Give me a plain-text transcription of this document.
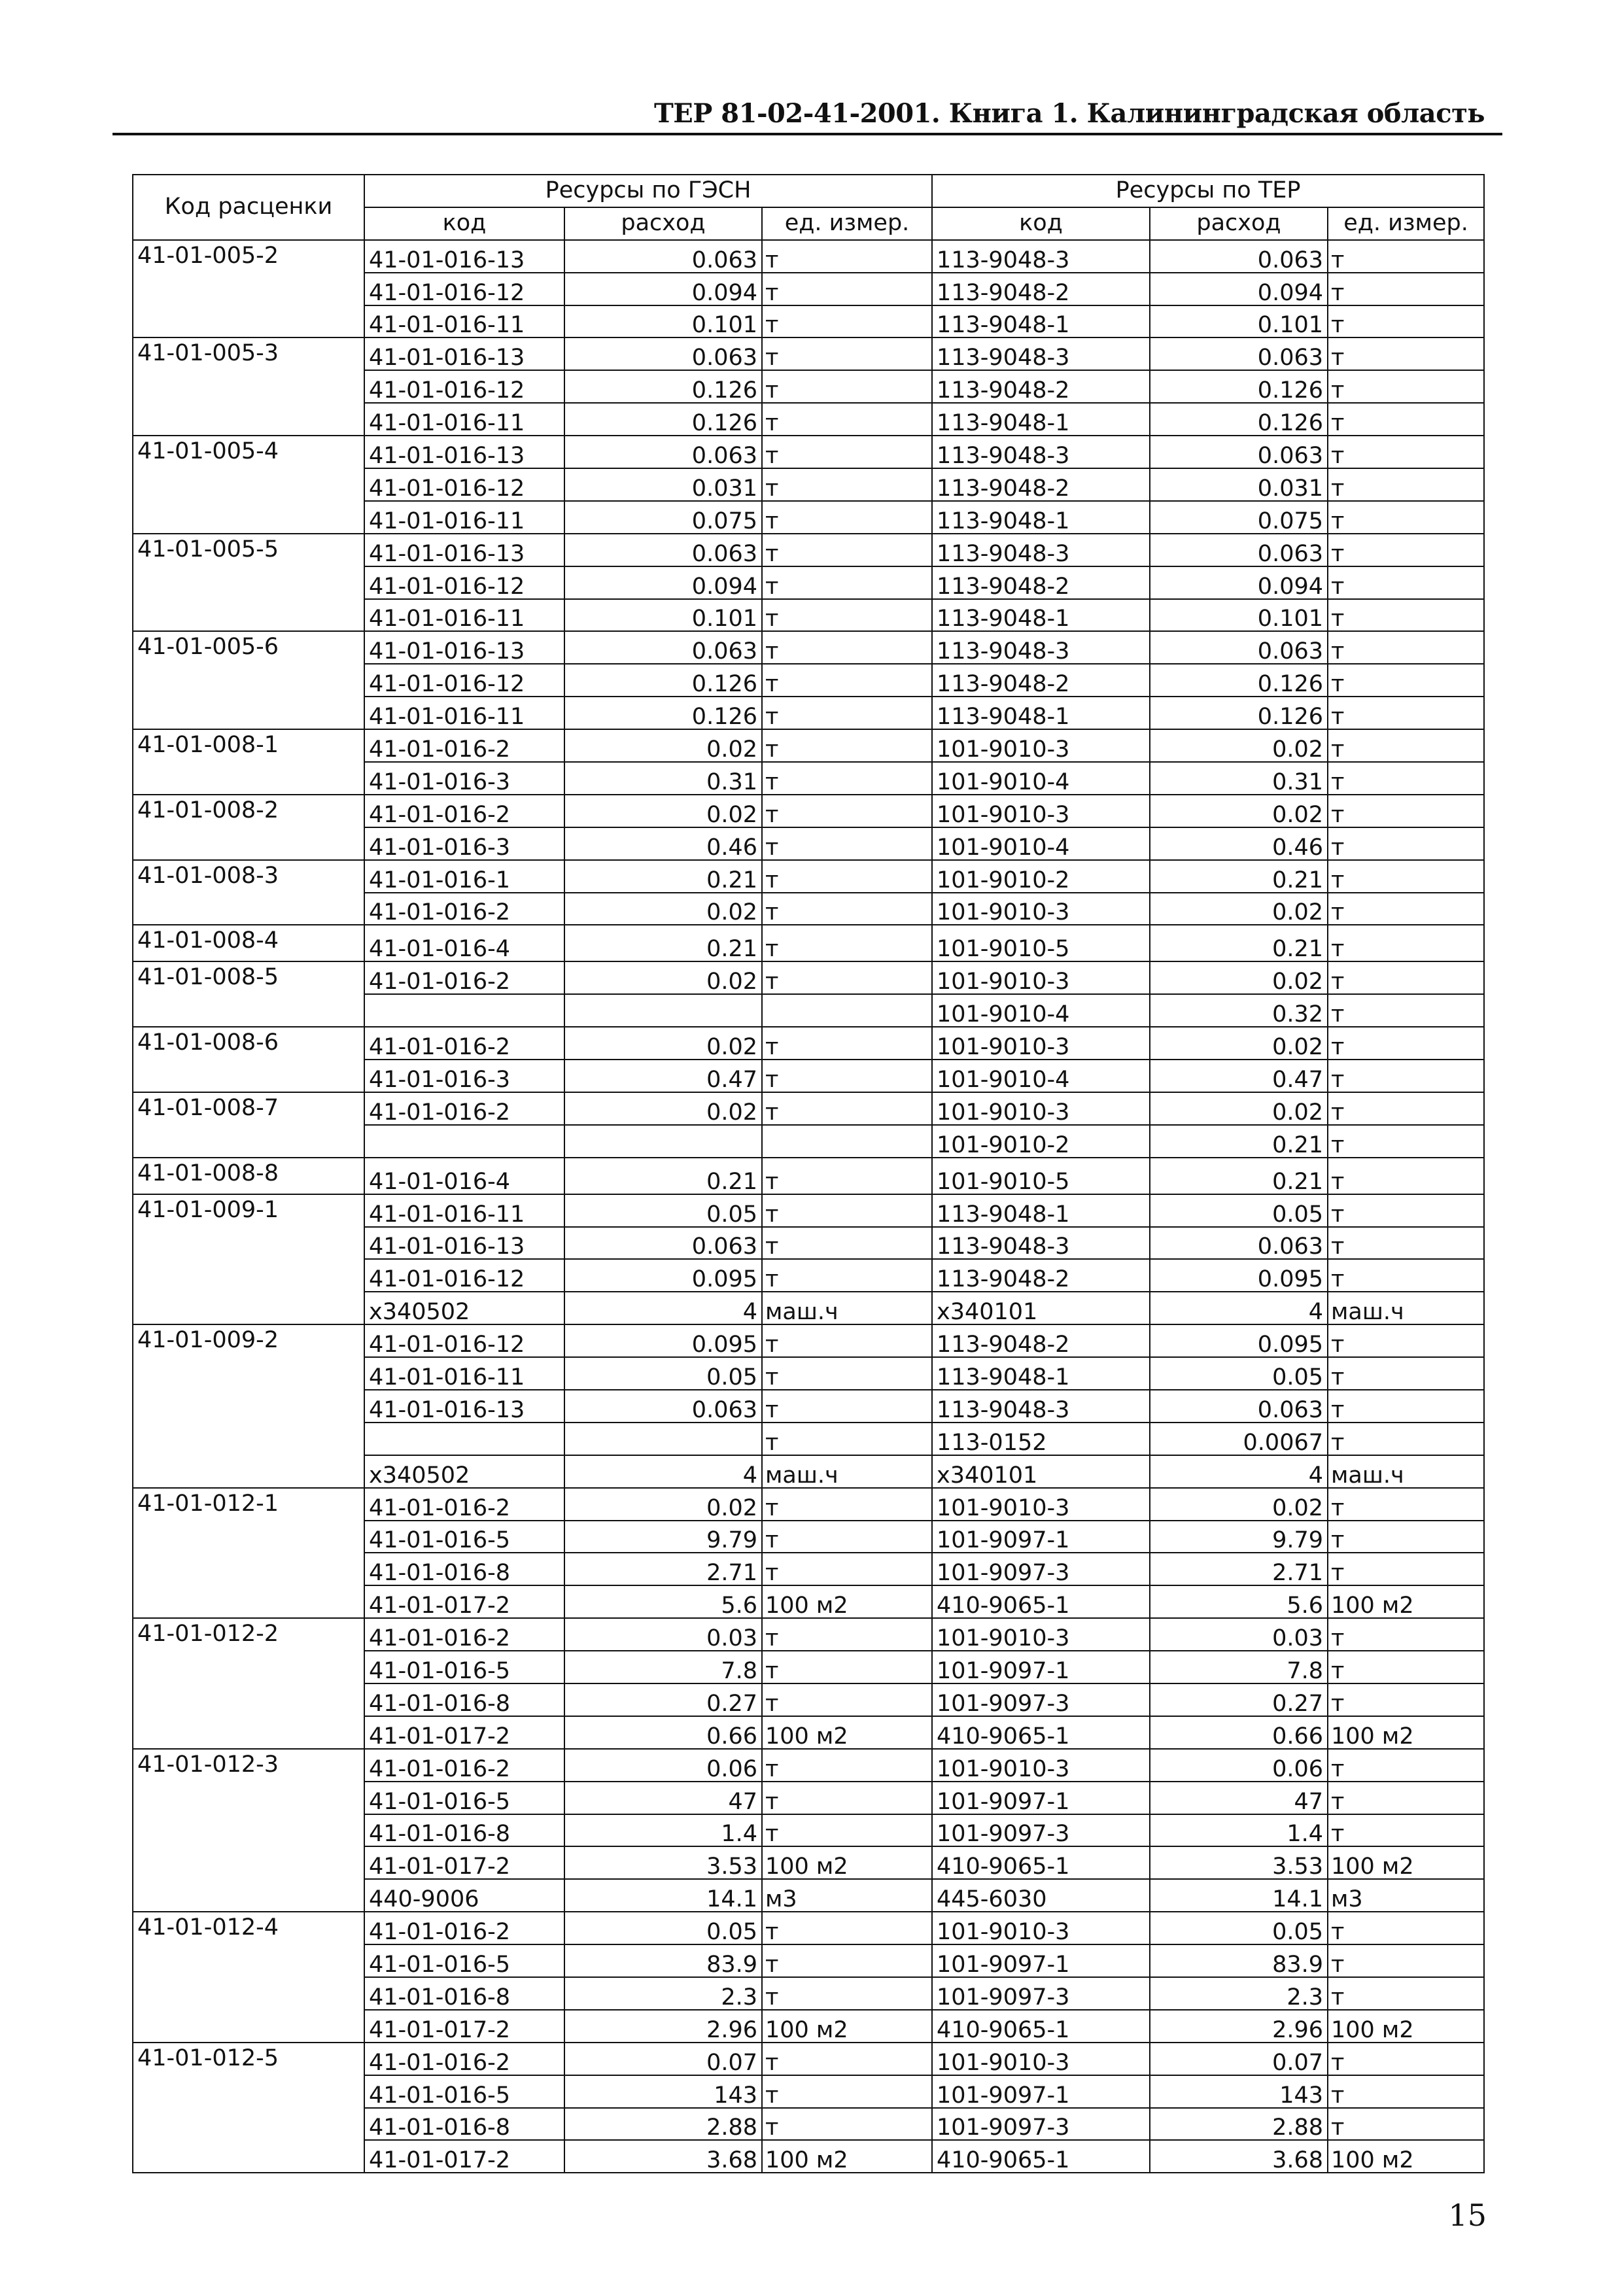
ТЕР 81-02-41-2001. Книга 1. Калининградская область
Код расценки	Ресурсы по ГЭСН			Ресурсы по ТЕР		
	код	расход	ед. измер.	код	расход	ед. измер.
41-01-005-2	41-01-016-13	0.063	т	113-9048-3	0.063	т
	41-01-016-12	0.094	т	113-9048-2	0.094	т
	41-01-016-11	0.101	т	113-9048-1	0.101	т
41-01-005-3	41-01-016-13	0.063	т	113-9048-3	0.063	т
	41-01-016-12	0.126	т	113-9048-2	0.126	т
	41-01-016-11	0.126	т	113-9048-1	0.126	т
41-01-005-4	41-01-016-13	0.063	т	113-9048-3	0.063	т
	41-01-016-12	0.031	т	113-9048-2	0.031	т
	41-01-016-11	0.075	т	113-9048-1	0.075	т
41-01-005-5	41-01-016-13	0.063	т	113-9048-3	0.063	т
	41-01-016-12	0.094	т	113-9048-2	0.094	т
	41-01-016-11	0.101	т	113-9048-1	0.101	т
41-01-005-6	41-01-016-13	0.063	т	113-9048-3	0.063	т
	41-01-016-12	0.126	т	113-9048-2	0.126	т
	41-01-016-11	0.126	т	113-9048-1	0.126	т
41-01-008-1	41-01-016-2	0.02	т	101-9010-3	0.02	т
	41-01-016-3	0.31	т	101-9010-4	0.31	т
41-01-008-2	41-01-016-2	0.02	т	101-9010-3	0.02	т
	41-01-016-3	0.46	т	101-9010-4	0.46	т
41-01-008-3	41-01-016-1	0.21	т	101-9010-2	0.21	т
	41-01-016-2	0.02	т	101-9010-3	0.02	т
41-01-008-4	41-01-016-4	0.21	т	101-9010-5	0.21	т
41-01-008-5	41-01-016-2	0.02	т	101-9010-3	0.02	т
				101-9010-4	0.32	т
41-01-008-6	41-01-016-2	0.02	т	101-9010-3	0.02	т
	41-01-016-3	0.47	т	101-9010-4	0.47	т
41-01-008-7	41-01-016-2	0.02	т	101-9010-3	0.02	т
				101-9010-2	0.21	т
41-01-008-8	41-01-016-4	0.21	т	101-9010-5	0.21	т
41-01-009-1	41-01-016-11	0.05	т	113-9048-1	0.05	т
	41-01-016-13	0.063	т	113-9048-3	0.063	т
	41-01-016-12	0.095	т	113-9048-2	0.095	т
	х340502	4	маш.ч	х340101	4	маш.ч
41-01-009-2	41-01-016-12	0.095	т	113-9048-2	0.095	т
	41-01-016-11	0.05	т	113-9048-1	0.05	т
	41-01-016-13	0.063	т	113-9048-3	0.063	т
			т	113-0152	0.0067	т
	х340502	4	маш.ч	х340101	4	маш.ч
41-01-012-1	41-01-016-2	0.02	т	101-9010-3	0.02	т
	41-01-016-5	9.79	т	101-9097-1	9.79	т
	41-01-016-8	2.71	т	101-9097-3	2.71	т
	41-01-017-2	5.6	100 м2	410-9065-1	5.6	100 м2
41-01-012-2	41-01-016-2	0.03	т	101-9010-3	0.03	т
	41-01-016-5	7.8	т	101-9097-1	7.8	т
	41-01-016-8	0.27	т	101-9097-3	0.27	т
	41-01-017-2	0.66	100 м2	410-9065-1	0.66	100 м2
41-01-012-3	41-01-016-2	0.06	т	101-9010-3	0.06	т
	41-01-016-5	47	т	101-9097-1	47	т
	41-01-016-8	1.4	т	101-9097-3	1.4	т
	41-01-017-2	3.53	100 м2	410-9065-1	3.53	100 м2
	440-9006	14.1	м3	445-6030	14.1	м3
41-01-012-4	41-01-016-2	0.05	т	101-9010-3	0.05	т
	41-01-016-5	83.9	т	101-9097-1	83.9	т
	41-01-016-8	2.3	т	101-9097-3	2.3	т
	41-01-017-2	2.96	100 м2	410-9065-1	2.96	100 м2
41-01-012-5	41-01-016-2	0.07	т	101-9010-3	0.07	т
	41-01-016-5	143	т	101-9097-1	143	т
	41-01-016-8	2.88	т	101-9097-3	2.88	т
	41-01-017-2	3.68	100 м2	410-9065-1	3.68	100 м2
15
